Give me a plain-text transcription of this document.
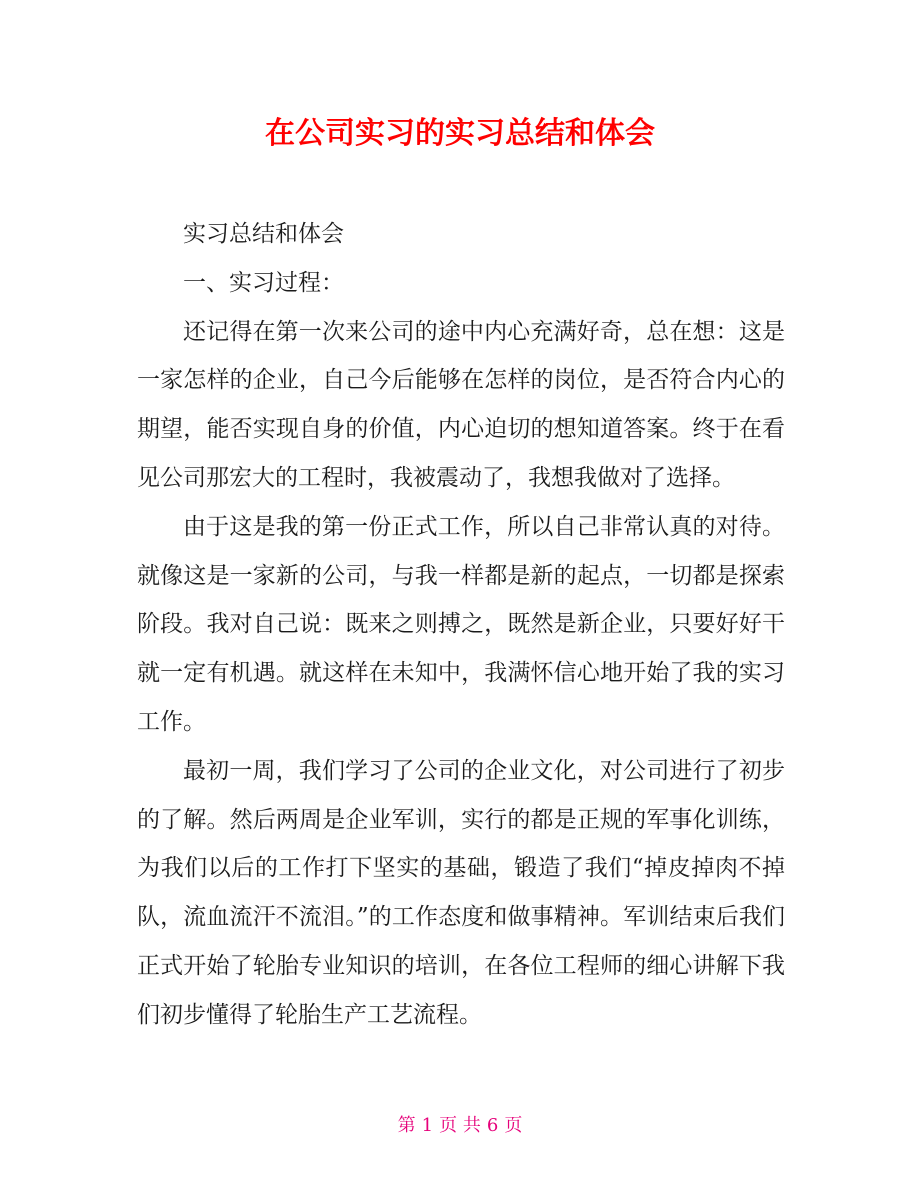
在公司实习的实习总结和体会

实习总结和体会

一、实习过程：

还记得在第一次来公司的途中内心充满好奇，总在想：这是一家怎样的企业，自己今后能够在怎样的岗位，是否符合内心的期望，能否实现自身的价值，内心迫切的想知道答案。终于在看见公司那宏大的工程时，我被震动了，我想我做对了选择。

由于这是我的第一份正式工作，所以自己非常认真的对待。就像这是一家新的公司，与我一样都是新的起点，一切都是探索阶段。我对自己说：既来之则搏之，既然是新企业，只要好好干就一定有机遇。就这样在未知中，我满怀信心地开始了我的实习工作。

最初一周，我们学习了公司的企业文化，对公司进行了初步的了解。然后两周是企业军训，实行的都是正规的军事化训练，为我们以后的工作打下坚实的基础，锻造了我们“掉皮掉肉不掉队，流血流汗不流泪。”的工作态度和做事精神。军训结束后我们正式开始了轮胎专业知识的培训，在各位工程师的细心讲解下我们初步懂得了轮胎生产工艺流程。

第 1 页 共 6 页
